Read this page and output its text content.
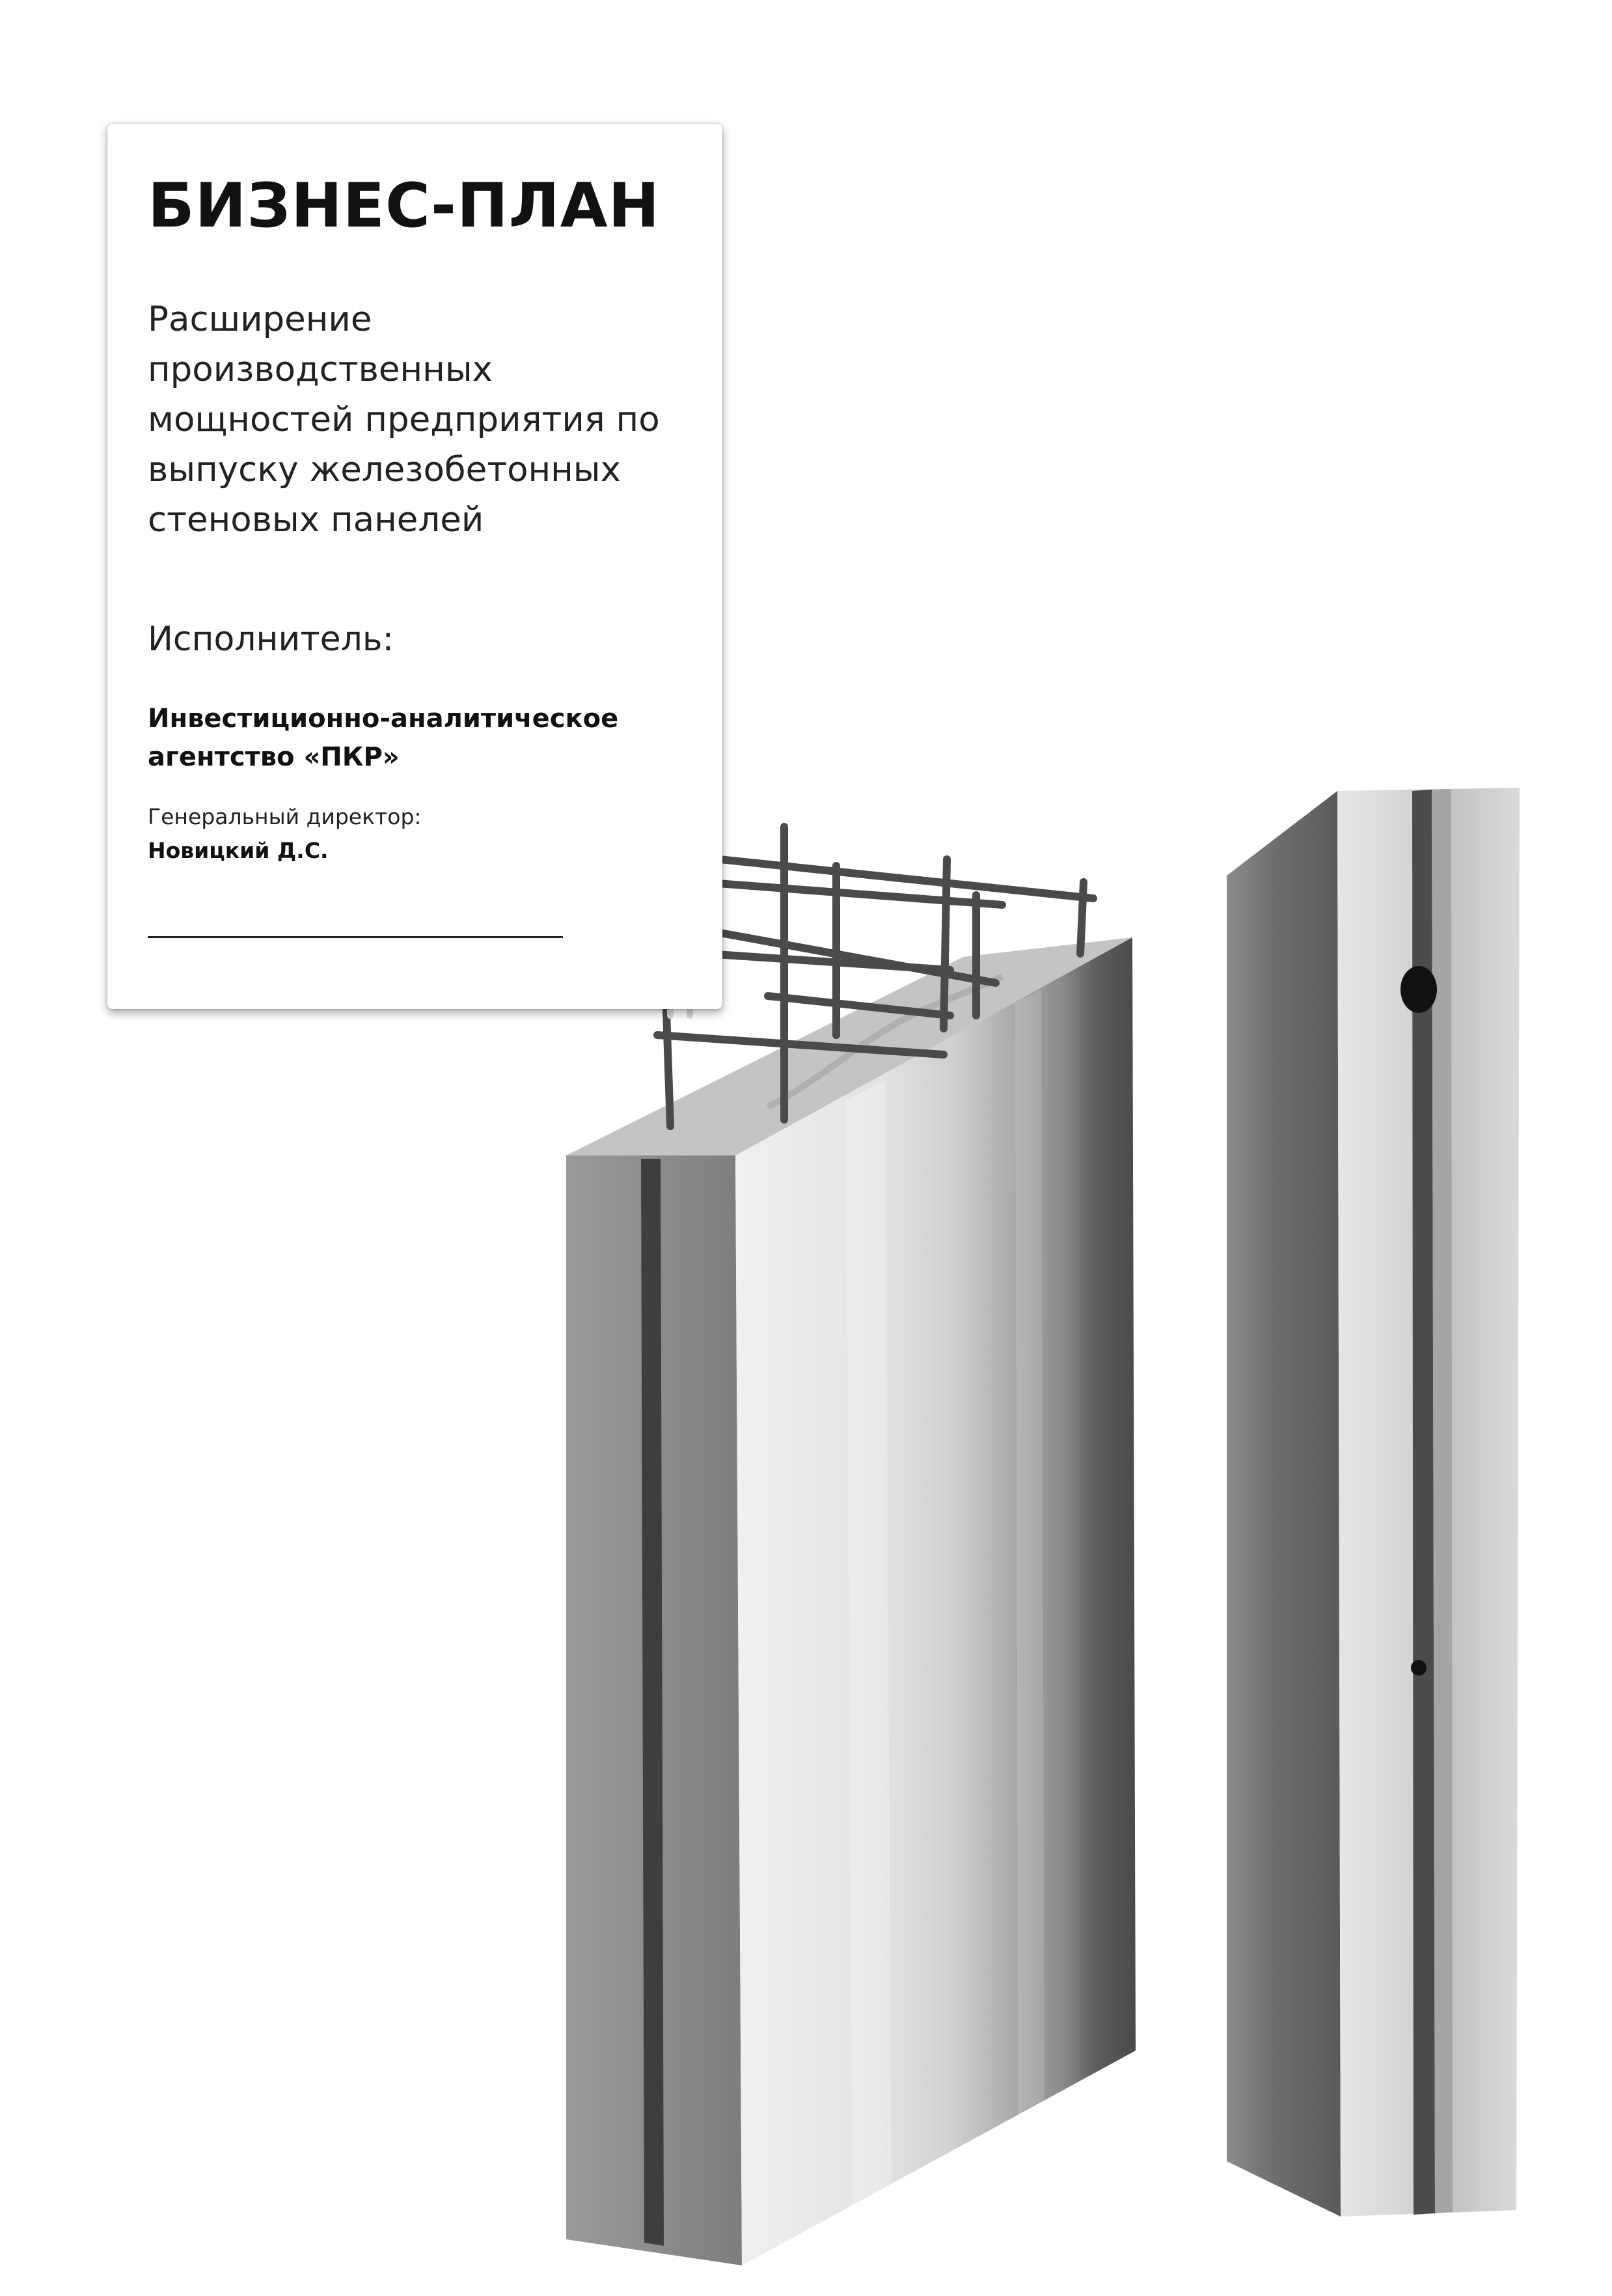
БИЗНЕС-ПЛАН

Расширение производственных мощностей предприятия по выпуску железобетонных стеновых панелей

Исполнитель:

Инвестиционно-аналитическое агентство «ПКР»

Генеральный директор:

Новицкий Д.С.
